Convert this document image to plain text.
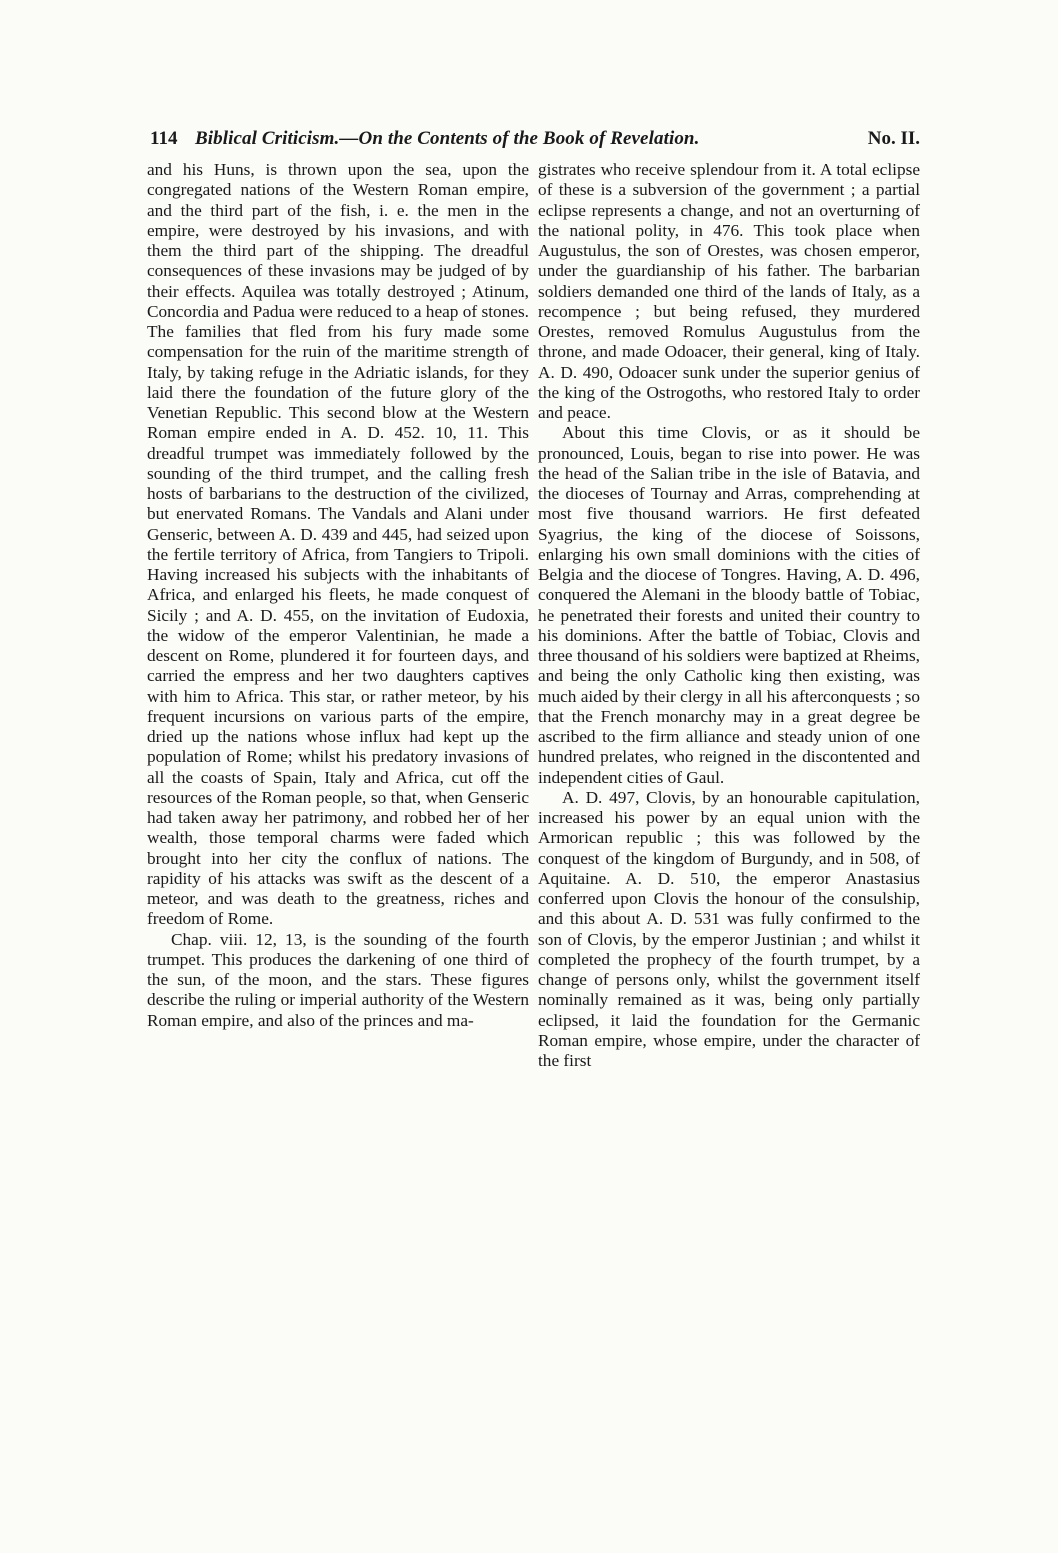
114 Biblical Criticism.—On the Contents of the Book of Revelation.	No. II.

and his Huns, is thrown upon the sea, upon the congregated nations of the Western Roman empire, and the third part of the fish, i. e. the men in the empire, were destroyed by his invasions, and with them the third part of the shipping. The dreadful consequences of these invasions may be judged of by their effects. Aquilea was totally destroyed ; Atinum, Concordia and Padua were reduced to a heap of stones. The families that fled from his fury made some compensation for the ruin of the maritime strength of Italy, by taking refuge in the Adriatic islands, for they laid there the foundation of the future glory of the Venetian Republic. This second blow at the Western Roman empire ended in A. D. 452. 10, 11. This dreadful trumpet was immediately followed by the sounding of the third trumpet, and the calling fresh hosts of barbarians to the destruction of the civilized, but enervated Romans. The Vandals and Alani under Genseric, between A. D. 439 and 445, had seized upon the fertile territory of Africa, from Tangiers to Tripoli. Having increased his subjects with the inhabitants of Africa, and enlarged his fleets, he made conquest of Sicily ; and A. D. 455, on the invitation of Eudoxia, the widow of the emperor Valentinian, he made a descent on Rome, plundered it for fourteen days, and carried the empress and her two daughters captives with him to Africa. This star, or rather meteor, by his frequent incursions on various parts of the empire, dried up the nations whose influx had kept up the population of Rome; whilst his predatory invasions of all the coasts of Spain, Italy and Africa, cut off the resources of the Roman people, so that, when Genseric had taken away her patrimony, and robbed her of her wealth, those temporal charms were faded which brought into her city the conflux of nations. The rapidity of his attacks was swift as the descent of a meteor, and was death to the greatness, riches and freedom of Rome.

Chap. viii. 12, 13, is the sounding of the fourth trumpet. This produces the darkening of one third of the sun, of the moon, and the stars. These figures describe the ruling or imperial authority of the Western Roman empire, and also of the princes and ma-

gistrates who receive splendour from it. A total eclipse of these is a subversion of the government ; a partial eclipse represents a change, and not an overturning of the national polity, in 476. This took place when Augustulus, the son of Orestes, was chosen emperor, under the guardianship of his father. The barbarian soldiers demanded one third of the lands of Italy, as a recompence ; but being refused, they murdered Orestes, removed Romulus Augustulus from the throne, and made Odoacer, their general, king of Italy. A. D. 490, Odoacer sunk under the superior genius of the king of the Ostrogoths, who restored Italy to order and peace.

About this time Clovis, or as it should be pronounced, Louis, began to rise into power. He was the head of the Salian tribe in the isle of Batavia, and the dioceses of Tournay and Arras, comprehending at most five thousand warriors. He first defeated Syagrius, the king of the diocese of Soissons, enlarging his own small dominions with the cities of Belgia and the diocese of Tongres. Having, A. D. 496, conquered the Alemani in the bloody battle of Tobiac, he penetrated their forests and united their country to his dominions. After the battle of Tobiac, Clovis and three thousand of his soldiers were baptized at Rheims, and being the only Catholic king then existing, was much aided by their clergy in all his afterconquests ; so that the French monarchy may in a great degree be ascribed to the firm alliance and steady union of one hundred prelates, who reigned in the discontented and independent cities of Gaul.

A. D. 497, Clovis, by an honourable capitulation, increased his power by an equal union with the Armorican republic ; this was followed by the conquest of the kingdom of Burgundy, and in 508, of Aquitaine. A. D. 510, the emperor Anastasius conferred upon Clovis the honour of the consulship, and this about A. D. 531 was fully confirmed to the son of Clovis, by the emperor Justinian ; and whilst it completed the prophecy of the fourth trumpet, by a change of persons only, whilst the government itself nominally remained as it was, being only partially eclipsed, it laid the foundation for the Germanic Roman empire, whose empire, under the character of the first
